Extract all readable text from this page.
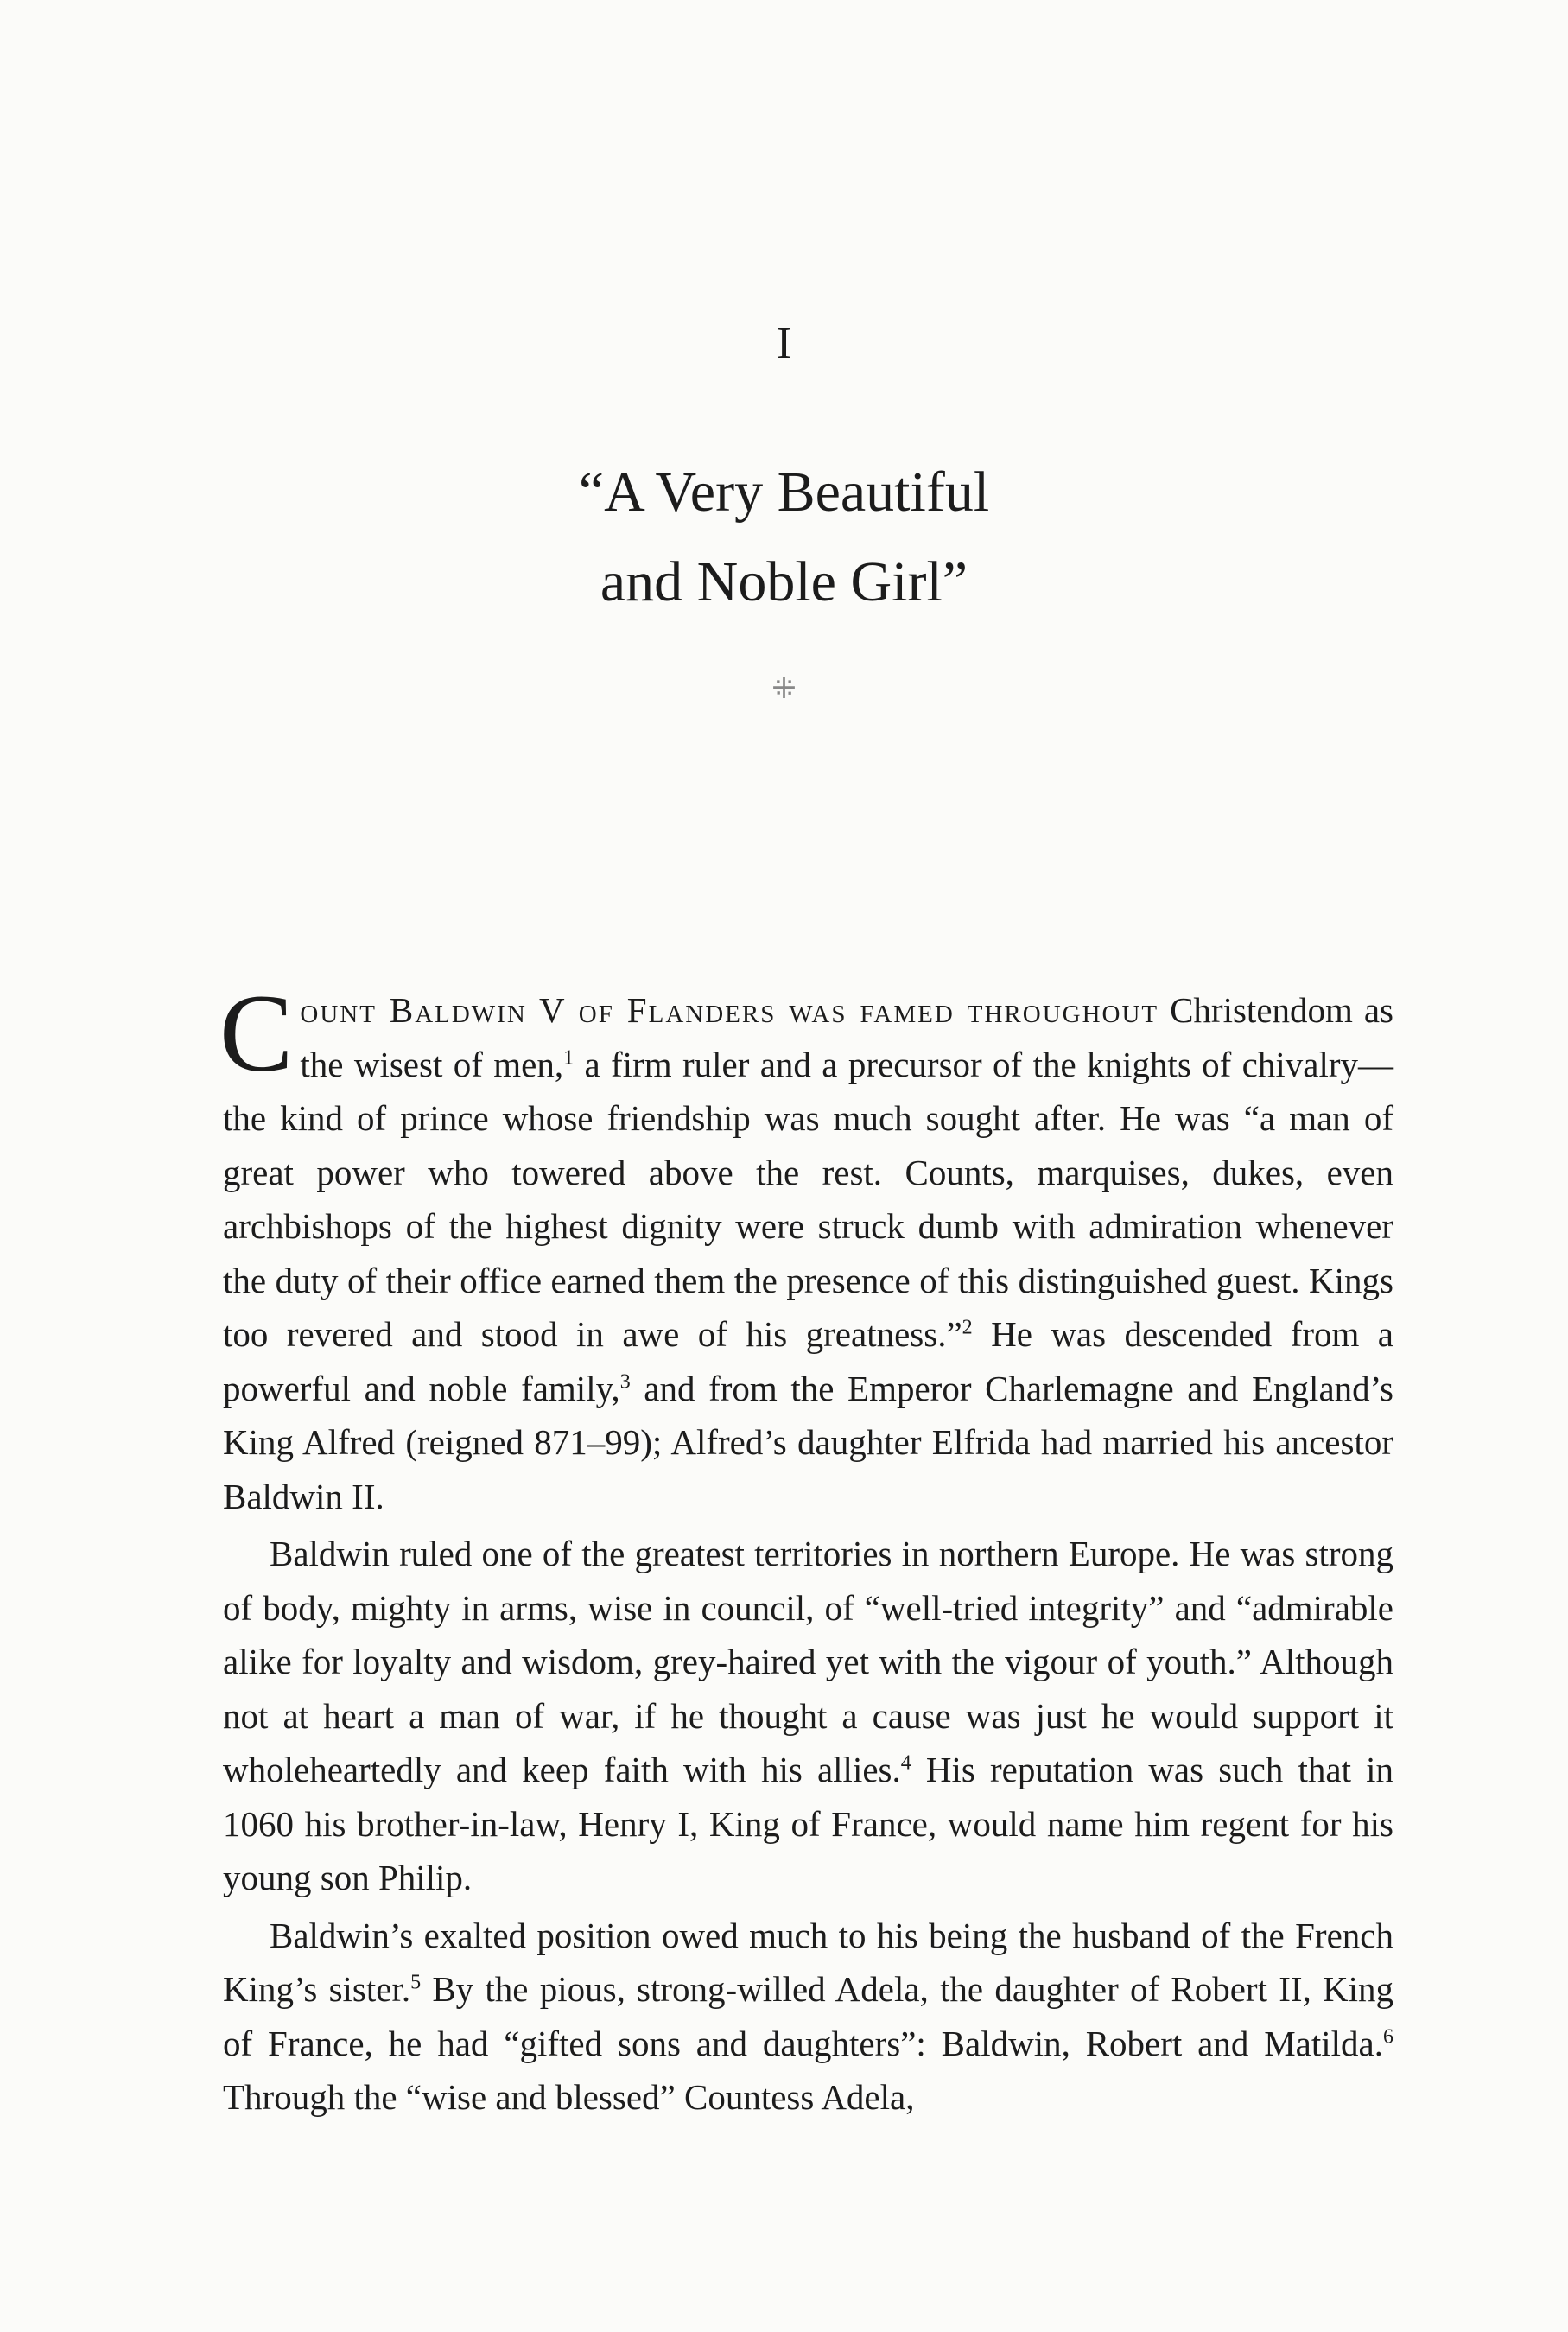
I
“A Very Beautiful
and Noble Girl”
⁜

Count Baldwin V of Flanders was famed throughout Christendom as the wisest of men,$^1$ a firm ruler and a precursor of the knights of chivalry—the kind of prince whose friendship was much sought after. He was “a man of great power who towered above the rest. Counts, marquises, dukes, even archbishops of the highest dignity were struck dumb with admiration whenever the duty of their office earned them the presence of this distinguished guest. Kings too revered and stood in awe of his greatness.”$^2$ He was descended from a powerful and noble family,$^3$ and from the Emperor Charlemagne and England’s King Alfred (reigned 871–99); Alfred’s daughter Elfrida had married his ancestor Baldwin II.

Baldwin ruled one of the greatest territories in northern Europe. He was strong of body, mighty in arms, wise in council, of “well-tried integrity” and “admirable alike for loyalty and wisdom, grey-haired yet with the vigour of youth.” Although not at heart a man of war, if he thought a cause was just he would support it wholeheartedly and keep faith with his allies.$^4$ His reputation was such that in 1060 his brother-in-law, Henry I, King of France, would name him regent for his young son Philip.

Baldwin’s exalted position owed much to his being the husband of the French King’s sister.$^5$ By the pious, strong-willed Adela, the daughter of Robert II, King of France, he had “gifted sons and daughters”: Baldwin, Robert and Matilda.$^6$ Through the “wise and blessed” Countess Adela,
